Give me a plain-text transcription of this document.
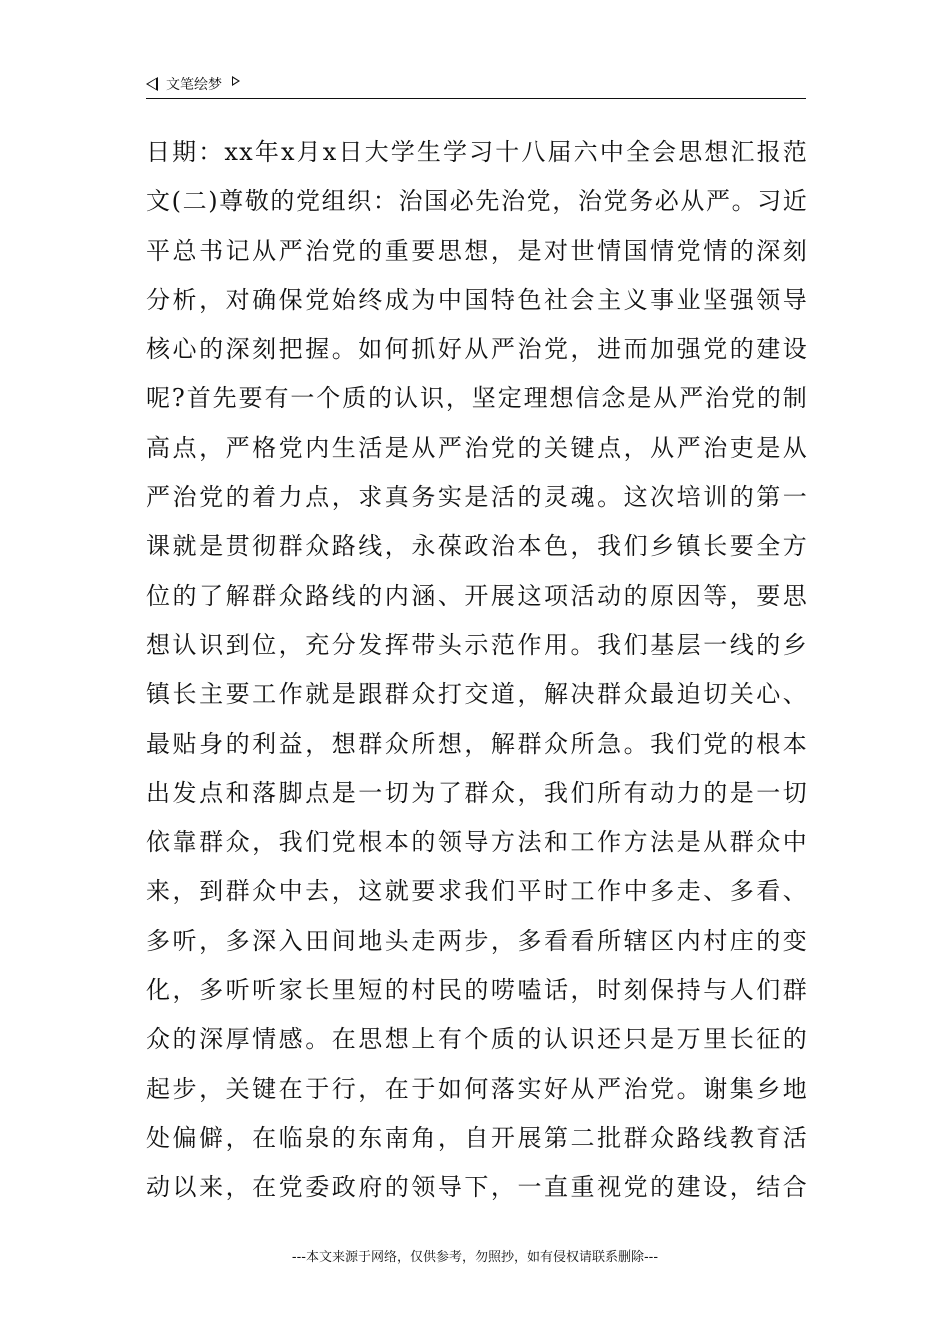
文笔绘梦
日期：xx年x月x日大学生学习十八届六中全会思想汇报范
文(二)尊敬的党组织：治国必先治党，治党务必从严。习近
平总书记从严治党的重要思想，是对世情国情党情的深刻
分析，对确保党始终成为中国特色社会主义事业坚强领导
核心的深刻把握。如何抓好从严治党，进而加强党的建设
呢?首先要有一个质的认识，坚定理想信念是从严治党的制
高点，严格党内生活是从严治党的关键点，从严治吏是从
严治党的着力点，求真务实是活的灵魂。这次培训的第一
课就是贯彻群众路线，永葆政治本色，我们乡镇长要全方
位的了解群众路线的内涵、开展这项活动的原因等，要思
想认识到位，充分发挥带头示范作用。我们基层一线的乡
镇长主要工作就是跟群众打交道，解决群众最迫切关心、
最贴身的利益，想群众所想，解群众所急。我们党的根本
出发点和落脚点是一切为了群众，我们所有动力的是一切
依靠群众，我们党根本的领导方法和工作方法是从群众中
来，到群众中去，这就要求我们平时工作中多走、多看、
多听，多深入田间地头走两步，多看看所辖区内村庄的变
化，多听听家长里短的村民的唠嗑话，时刻保持与人们群
众的深厚情感。在思想上有个质的认识还只是万里长征的
起步，关键在于行，在于如何落实好从严治党。谢集乡地
处偏僻，在临泉的东南角，自开展第二批群众路线教育活
动以来，在党委政府的领导下，一直重视党的建设，结合
---本文来源于网络，仅供参考，勿照抄，如有侵权请联系删除---
